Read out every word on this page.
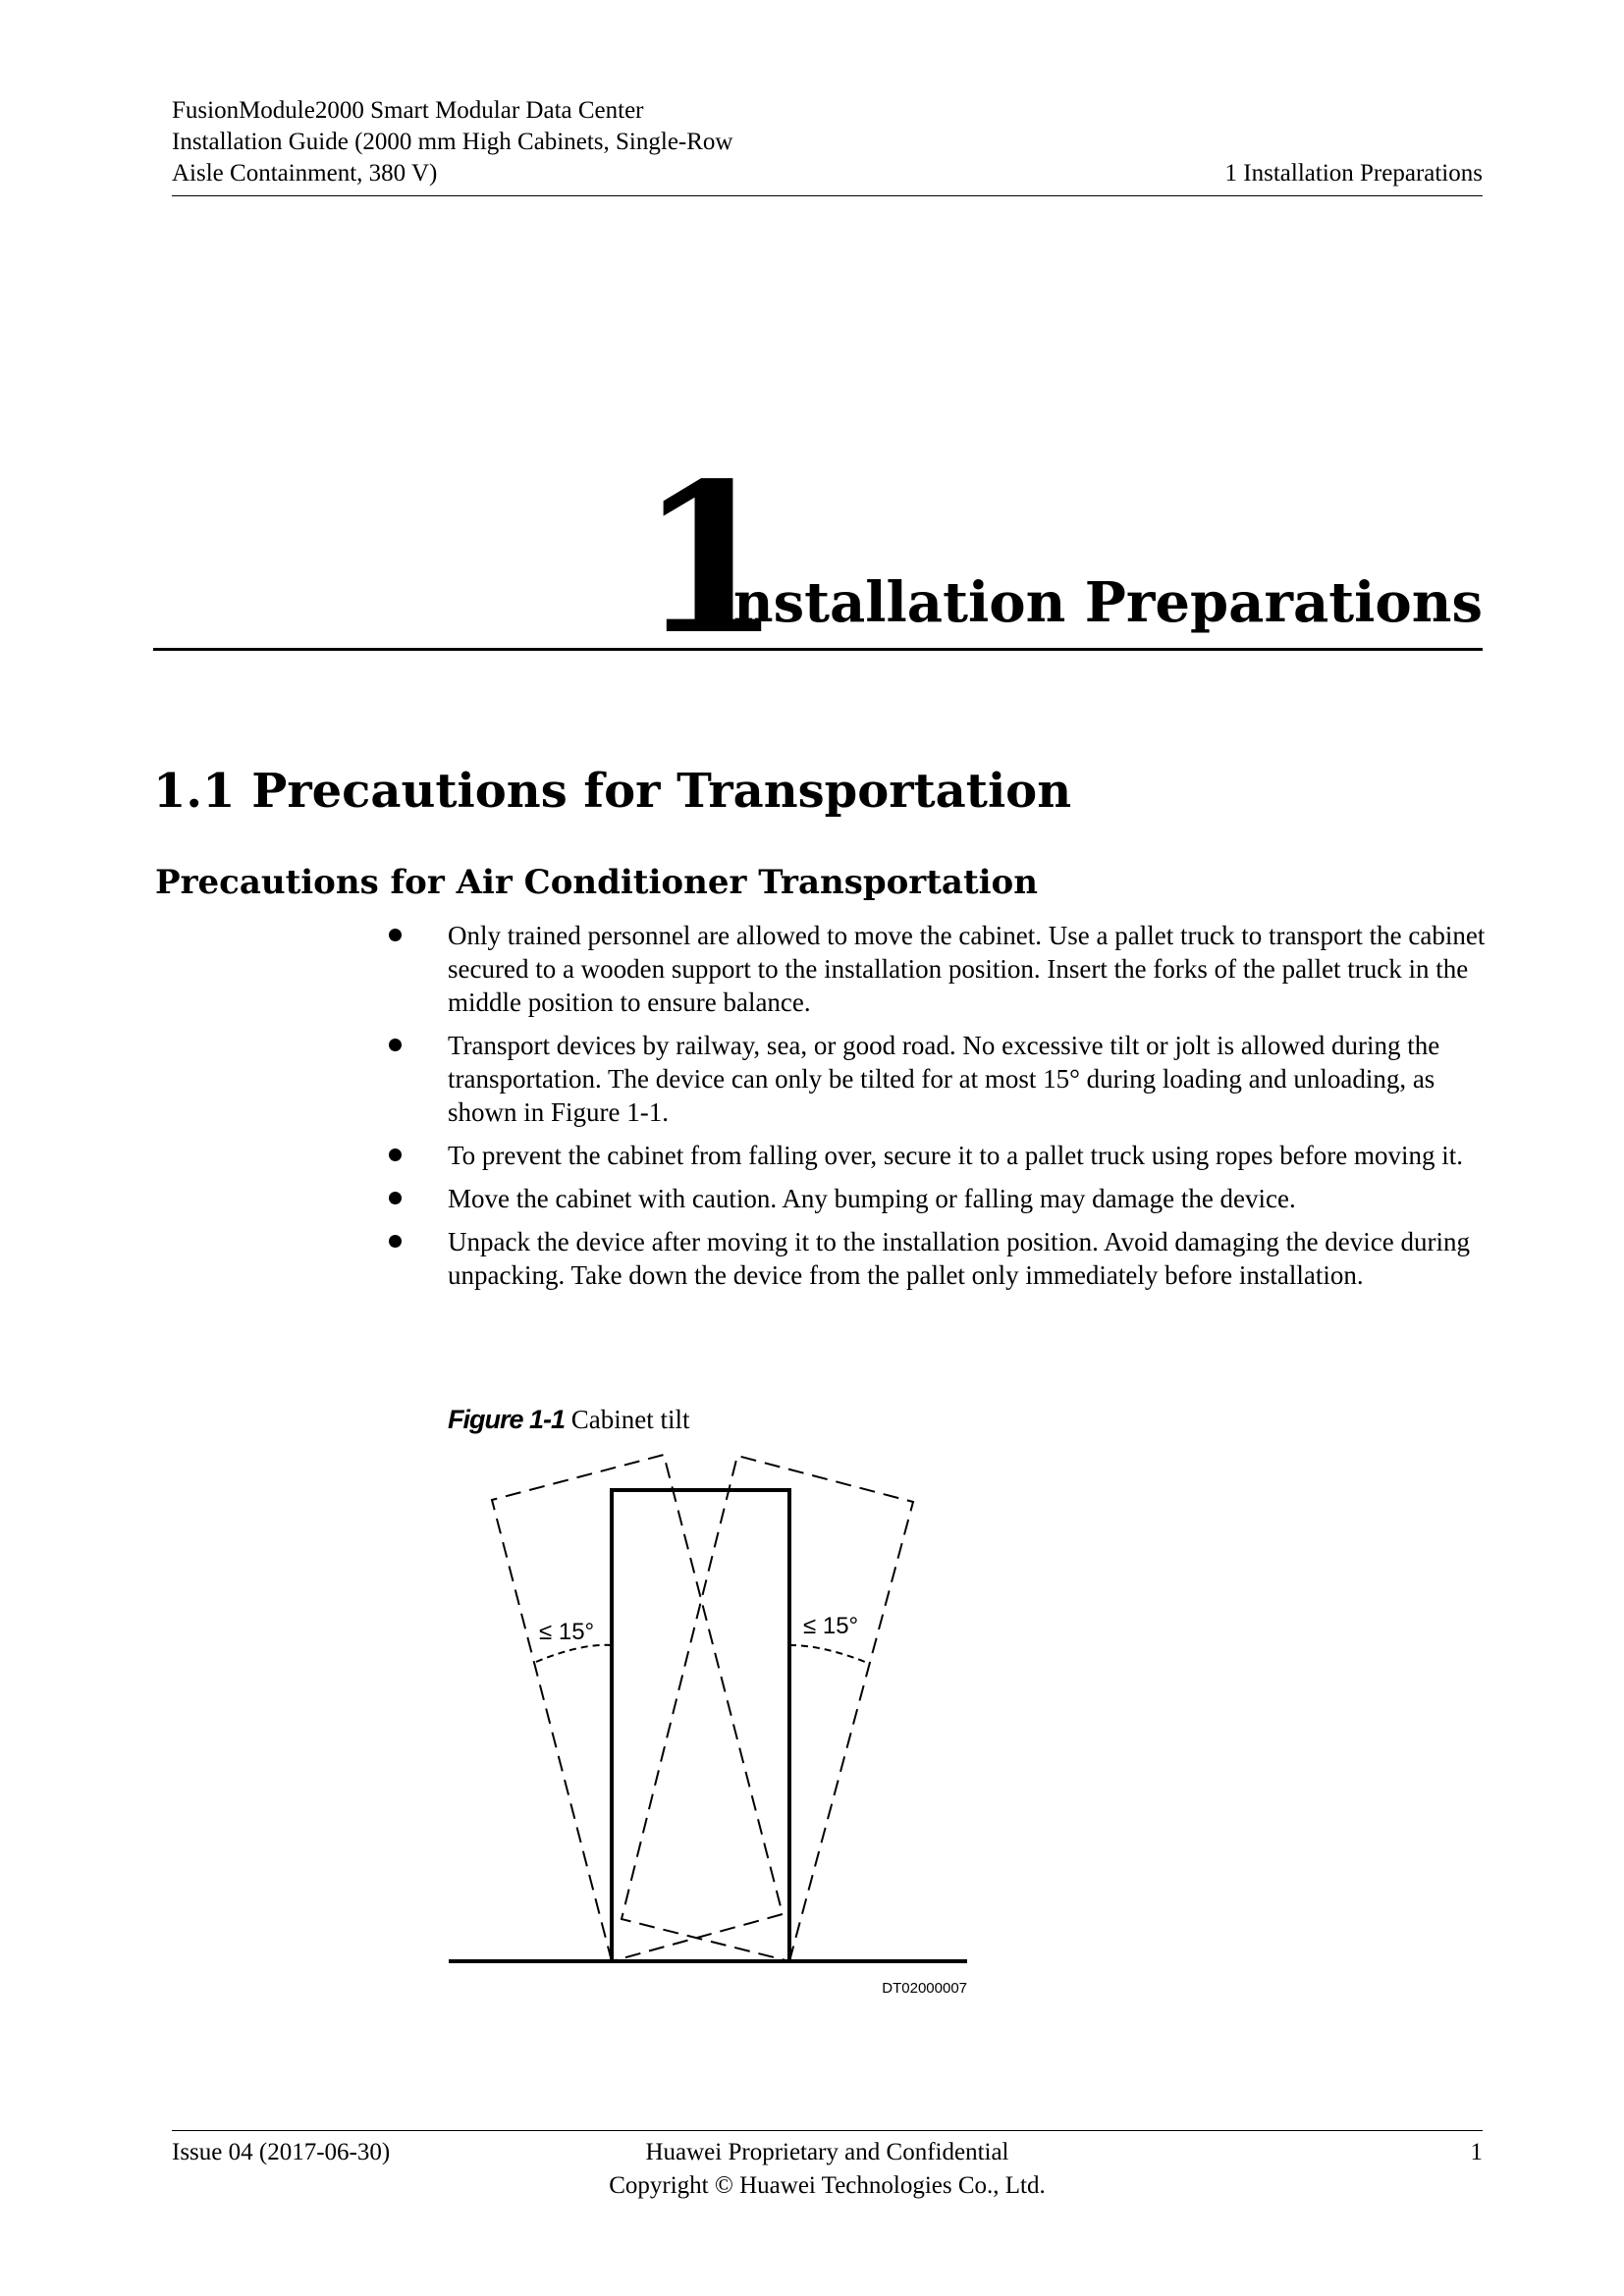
FusionModule2000 Smart Modular Data Center
Installation Guide (2000 mm High Cabinets, Single-Row
Aisle Containment, 380 V)	1 Installation Preparations
1
Installation Preparations
1.1 Precautions for Transportation
Precautions for Air Conditioner Transportation
Only trained personnel are allowed to move the cabinet. Use a pallet truck to transport the cabinet secured to a wooden support to the installation position. Insert the forks of the pallet truck in the middle position to ensure balance.
Transport devices by railway, sea, or good road. No excessive tilt or jolt is allowed during the transportation. The device can only be tilted for at most 15° during loading and unloading, as shown in Figure 1-1.
To prevent the cabinet from falling over, secure it to a pallet truck using ropes before moving it.
Move the cabinet with caution. Any bumping or falling may damage the device.
Unpack the device after moving it to the installation position. Avoid damaging the device during unpacking. Take down the device from the pallet only immediately before installation.
Figure 1-1 Cabinet tilt
≤ 15°	≤ 15°
DT02000007
Issue 04 (2017-06-30)	Huawei Proprietary and Confidential
Copyright © Huawei Technologies Co., Ltd.
1
